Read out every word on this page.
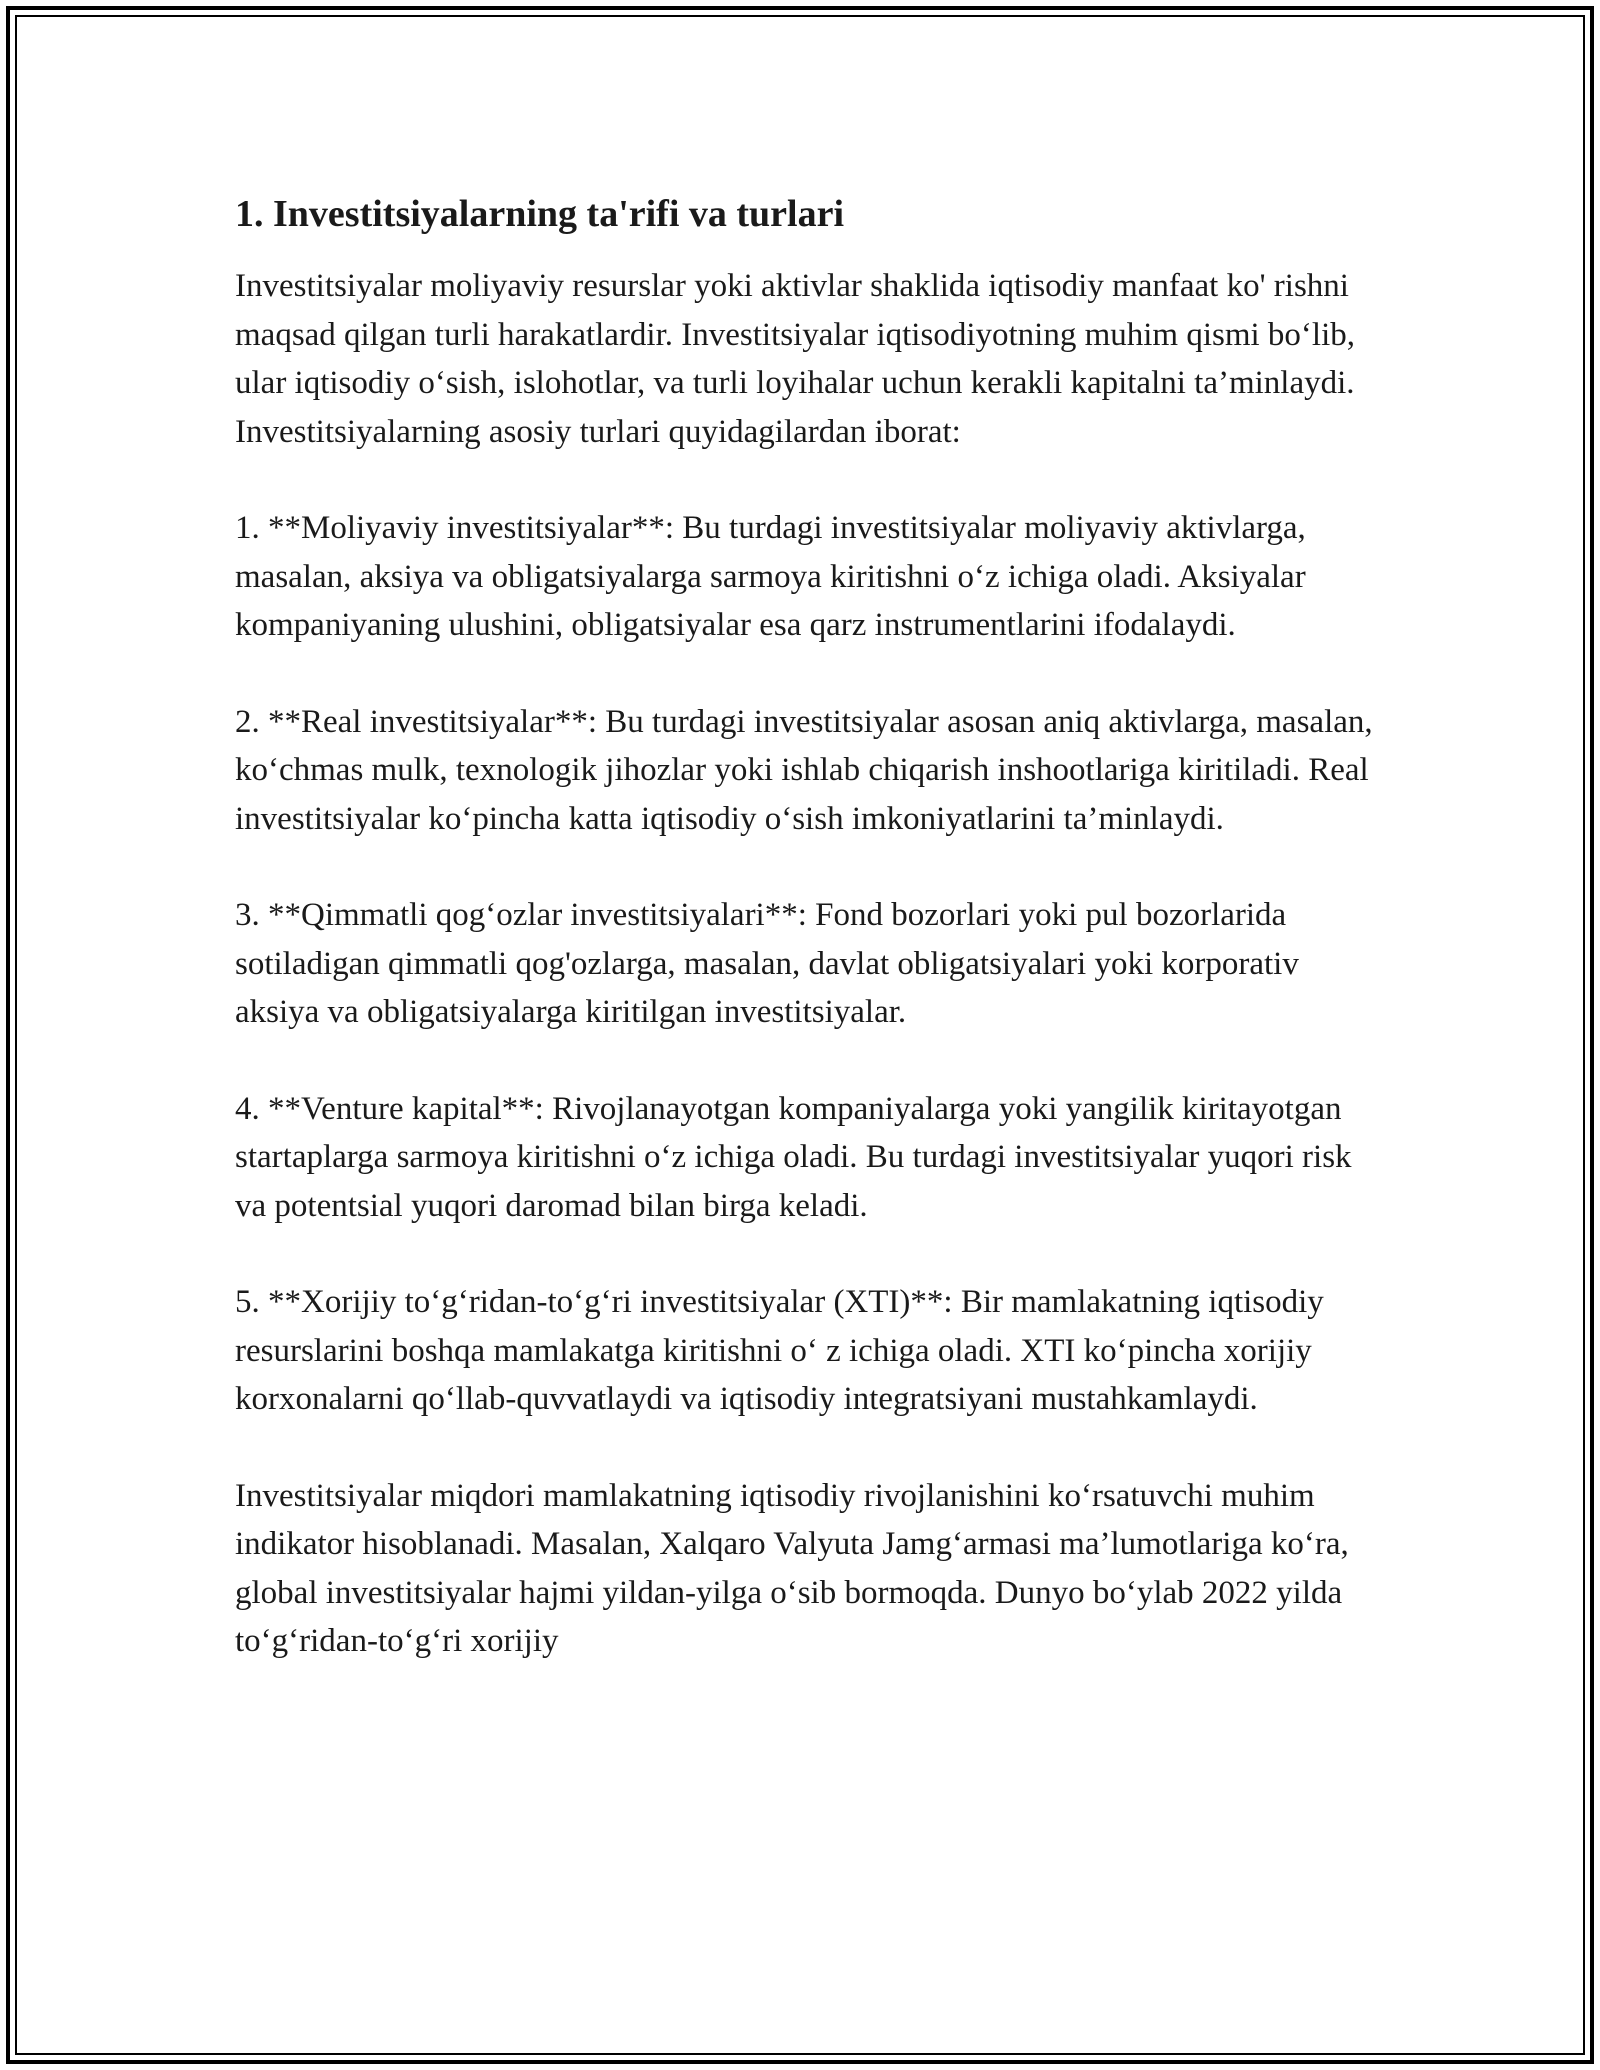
1. Investitsiyalarning ta'rifi va turlari

Investitsiyalar moliyaviy resurslar yoki aktivlar shaklida iqtisodiy manfaat ko' rishni maqsad qilgan turli harakatlardir. Investitsiyalar iqtisodiyotning muhim qismi bo‘lib, ular iqtisodiy o‘sish, islohotlar, va turli loyihalar uchun kerakli kapitalni ta’minlaydi. Investitsiyalarning asosiy turlari quyidagilardan iborat:

1. **Moliyaviy investitsiyalar**: Bu turdagi investitsiyalar moliyaviy aktivlarga, masalan, aksiya va obligatsiyalarga sarmoya kiritishni o‘z ichiga oladi. Aksiyalar kompaniyaning ulushini, obligatsiyalar esa qarz instrumentlarini ifodalaydi.

2. **Real investitsiyalar**: Bu turdagi investitsiyalar asosan aniq aktivlarga, masalan, ko‘chmas mulk, texnologik jihozlar yoki ishlab chiqarish inshootlariga kiritiladi. Real investitsiyalar ko‘pincha katta iqtisodiy o‘sish imkoniyatlarini ta’minlaydi.

3. **Qimmatli qog‘ozlar investitsiyalari**: Fond bozorlari yoki pul bozorlarida sotiladigan qimmatli qog'ozlarga, masalan, davlat obligatsiyalari yoki korporativ aksiya va obligatsiyalarga kiritilgan investitsiyalar.

4. **Venture kapital**: Rivojlanayotgan kompaniyalarga yoki yangilik kiritayotgan startaplarga sarmoya kiritishni o‘z ichiga oladi. Bu turdagi investitsiyalar yuqori risk va potentsial yuqori daromad bilan birga keladi.

5. **Xorijiy to‘g‘ridan-to‘g‘ri investitsiyalar (XTI)**: Bir mamlakatning iqtisodiy resurslarini boshqa mamlakatga kiritishni o‘ z ichiga oladi. XTI ko‘pincha xorijiy korxonalarni qo‘llab-quvvatlaydi va iqtisodiy integratsiyani mustahkamlaydi.

Investitsiyalar miqdori mamlakatning iqtisodiy rivojlanishini ko‘rsatuvchi muhim indikator hisoblanadi. Masalan, Xalqaro Valyuta Jamg‘armasi ma’lumotlariga ko‘ra, global investitsiyalar hajmi yildan-yilga o‘sib bormoqda. Dunyo bo‘ylab 2022 yilda to‘g‘ridan-to‘g‘ri xorijiy
